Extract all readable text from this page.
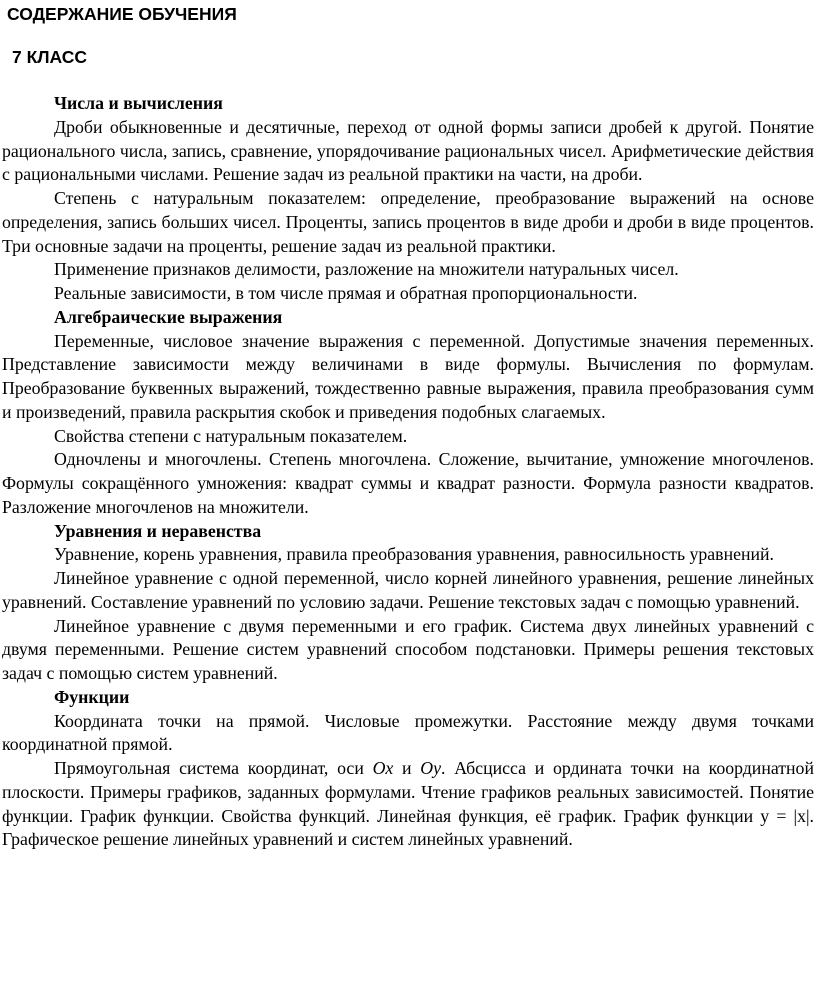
СОДЕРЖАНИЕ ОБУЧЕНИЯ
7 КЛАСС

Числа и вычисления

Дроби обыкновенные и десятичные, переход от одной формы записи дробей к другой. Понятие рационального числа, запись, сравнение, упорядочивание рациональных чисел. Арифметические действия с рациональными числами. Решение задач из реальной практики на части, на дроби.

Степень с натуральным показателем: определение, преобразование выражений на основе определения, запись больших чисел. Проценты, запись процентов в виде дроби и дроби в виде процентов. Три основные задачи на проценты, решение задач из реальной практики.

Применение признаков делимости, разложение на множители натуральных чисел.

Реальные зависимости, в том числе прямая и обратная пропорциональности.

Алгебраические выражения

Переменные, числовое значение выражения с переменной. Допустимые значения переменных. Представление зависимости между величинами в виде формулы. Вычисления по формулам. Преобразование буквенных выражений, тождественно равные выражения, правила преобразования сумм и произведений, правила раскрытия скобок и приведения подобных слагаемых.

Свойства степени с натуральным показателем.

Одночлены и многочлены. Степень многочлена. Сложение, вычитание, умножение многочленов. Формулы сокращённого умножения: квадрат суммы и квадрат разности. Формула разности квадратов. Разложение многочленов на множители.

Уравнения и неравенства

Уравнение, корень уравнения, правила преобразования уравнения, равносильность уравнений.

Линейное уравнение с одной переменной, число корней линейного уравнения, решение линейных уравнений. Составление уравнений по условию задачи. Решение текстовых задач с помощью уравнений.

Линейное уравнение с двумя переменными и его график. Система двух линейных уравнений с двумя переменными. Решение систем уравнений способом подстановки. Примеры решения текстовых задач с помощью систем уравнений.

Функции

Координата точки на прямой. Числовые промежутки. Расстояние между двумя точками координатной прямой.

Прямоугольная система координат, оси Ox и Oy. Абсцисса и ордината точки на координатной плоскости. Примеры графиков, заданных формулами. Чтение графиков реальных зависимостей. Понятие функции. График функции. Свойства функций. Линейная функция, её график. График функции y = |x|. Графическое решение линейных уравнений и систем линейных уравнений.
